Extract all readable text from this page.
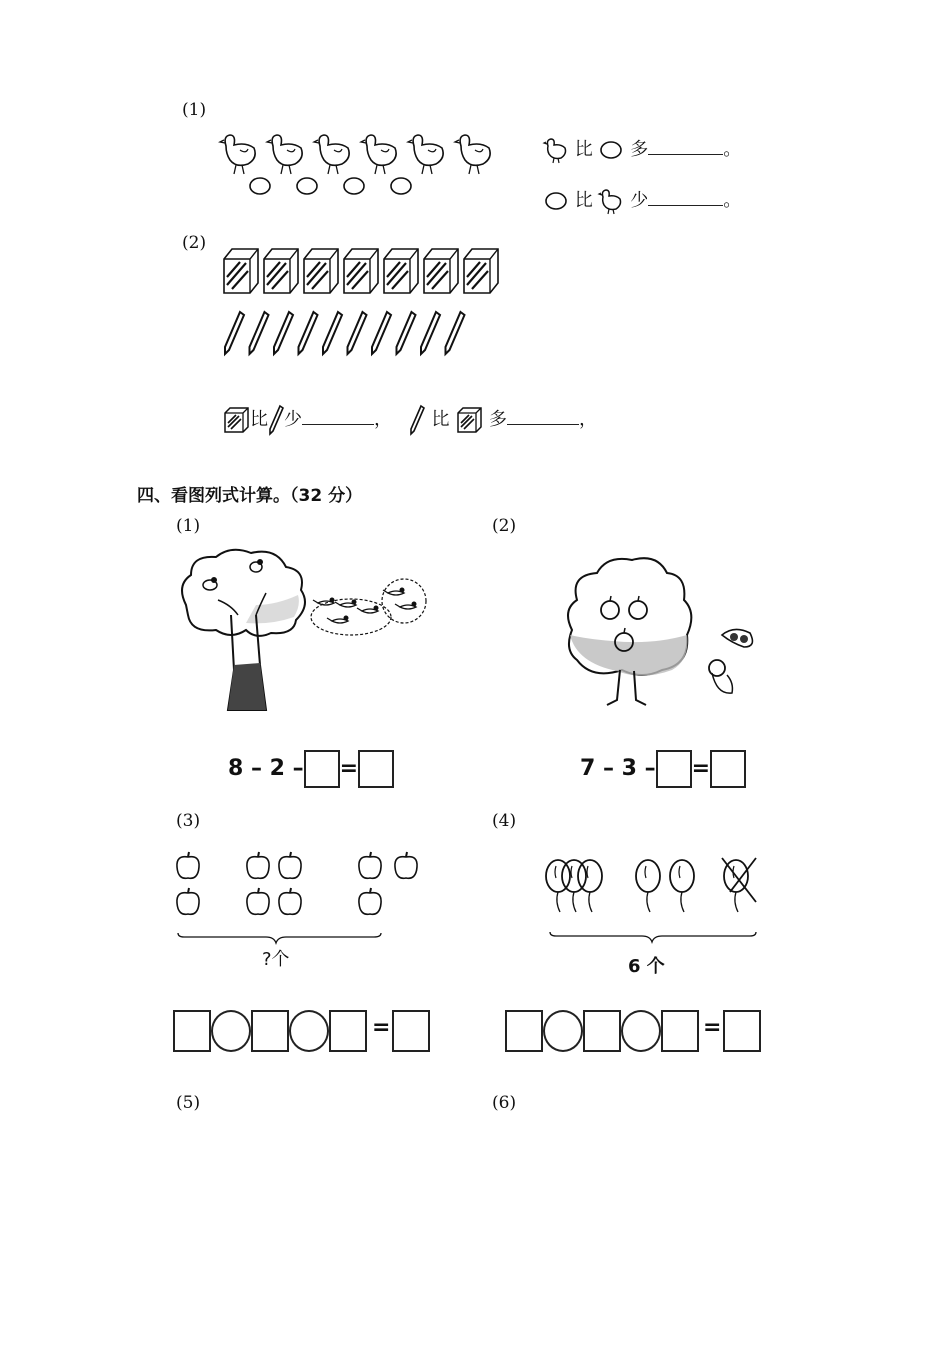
(1)
比 多	。
比 少	。
(2)
比 少	， 比 多	，
四、看图列式计算。（32 分）
(1)	(2)
8 – 2 – =	7 – 3 – =
(3)	(4)
?个	6 个
=	=
(5)	(6)
